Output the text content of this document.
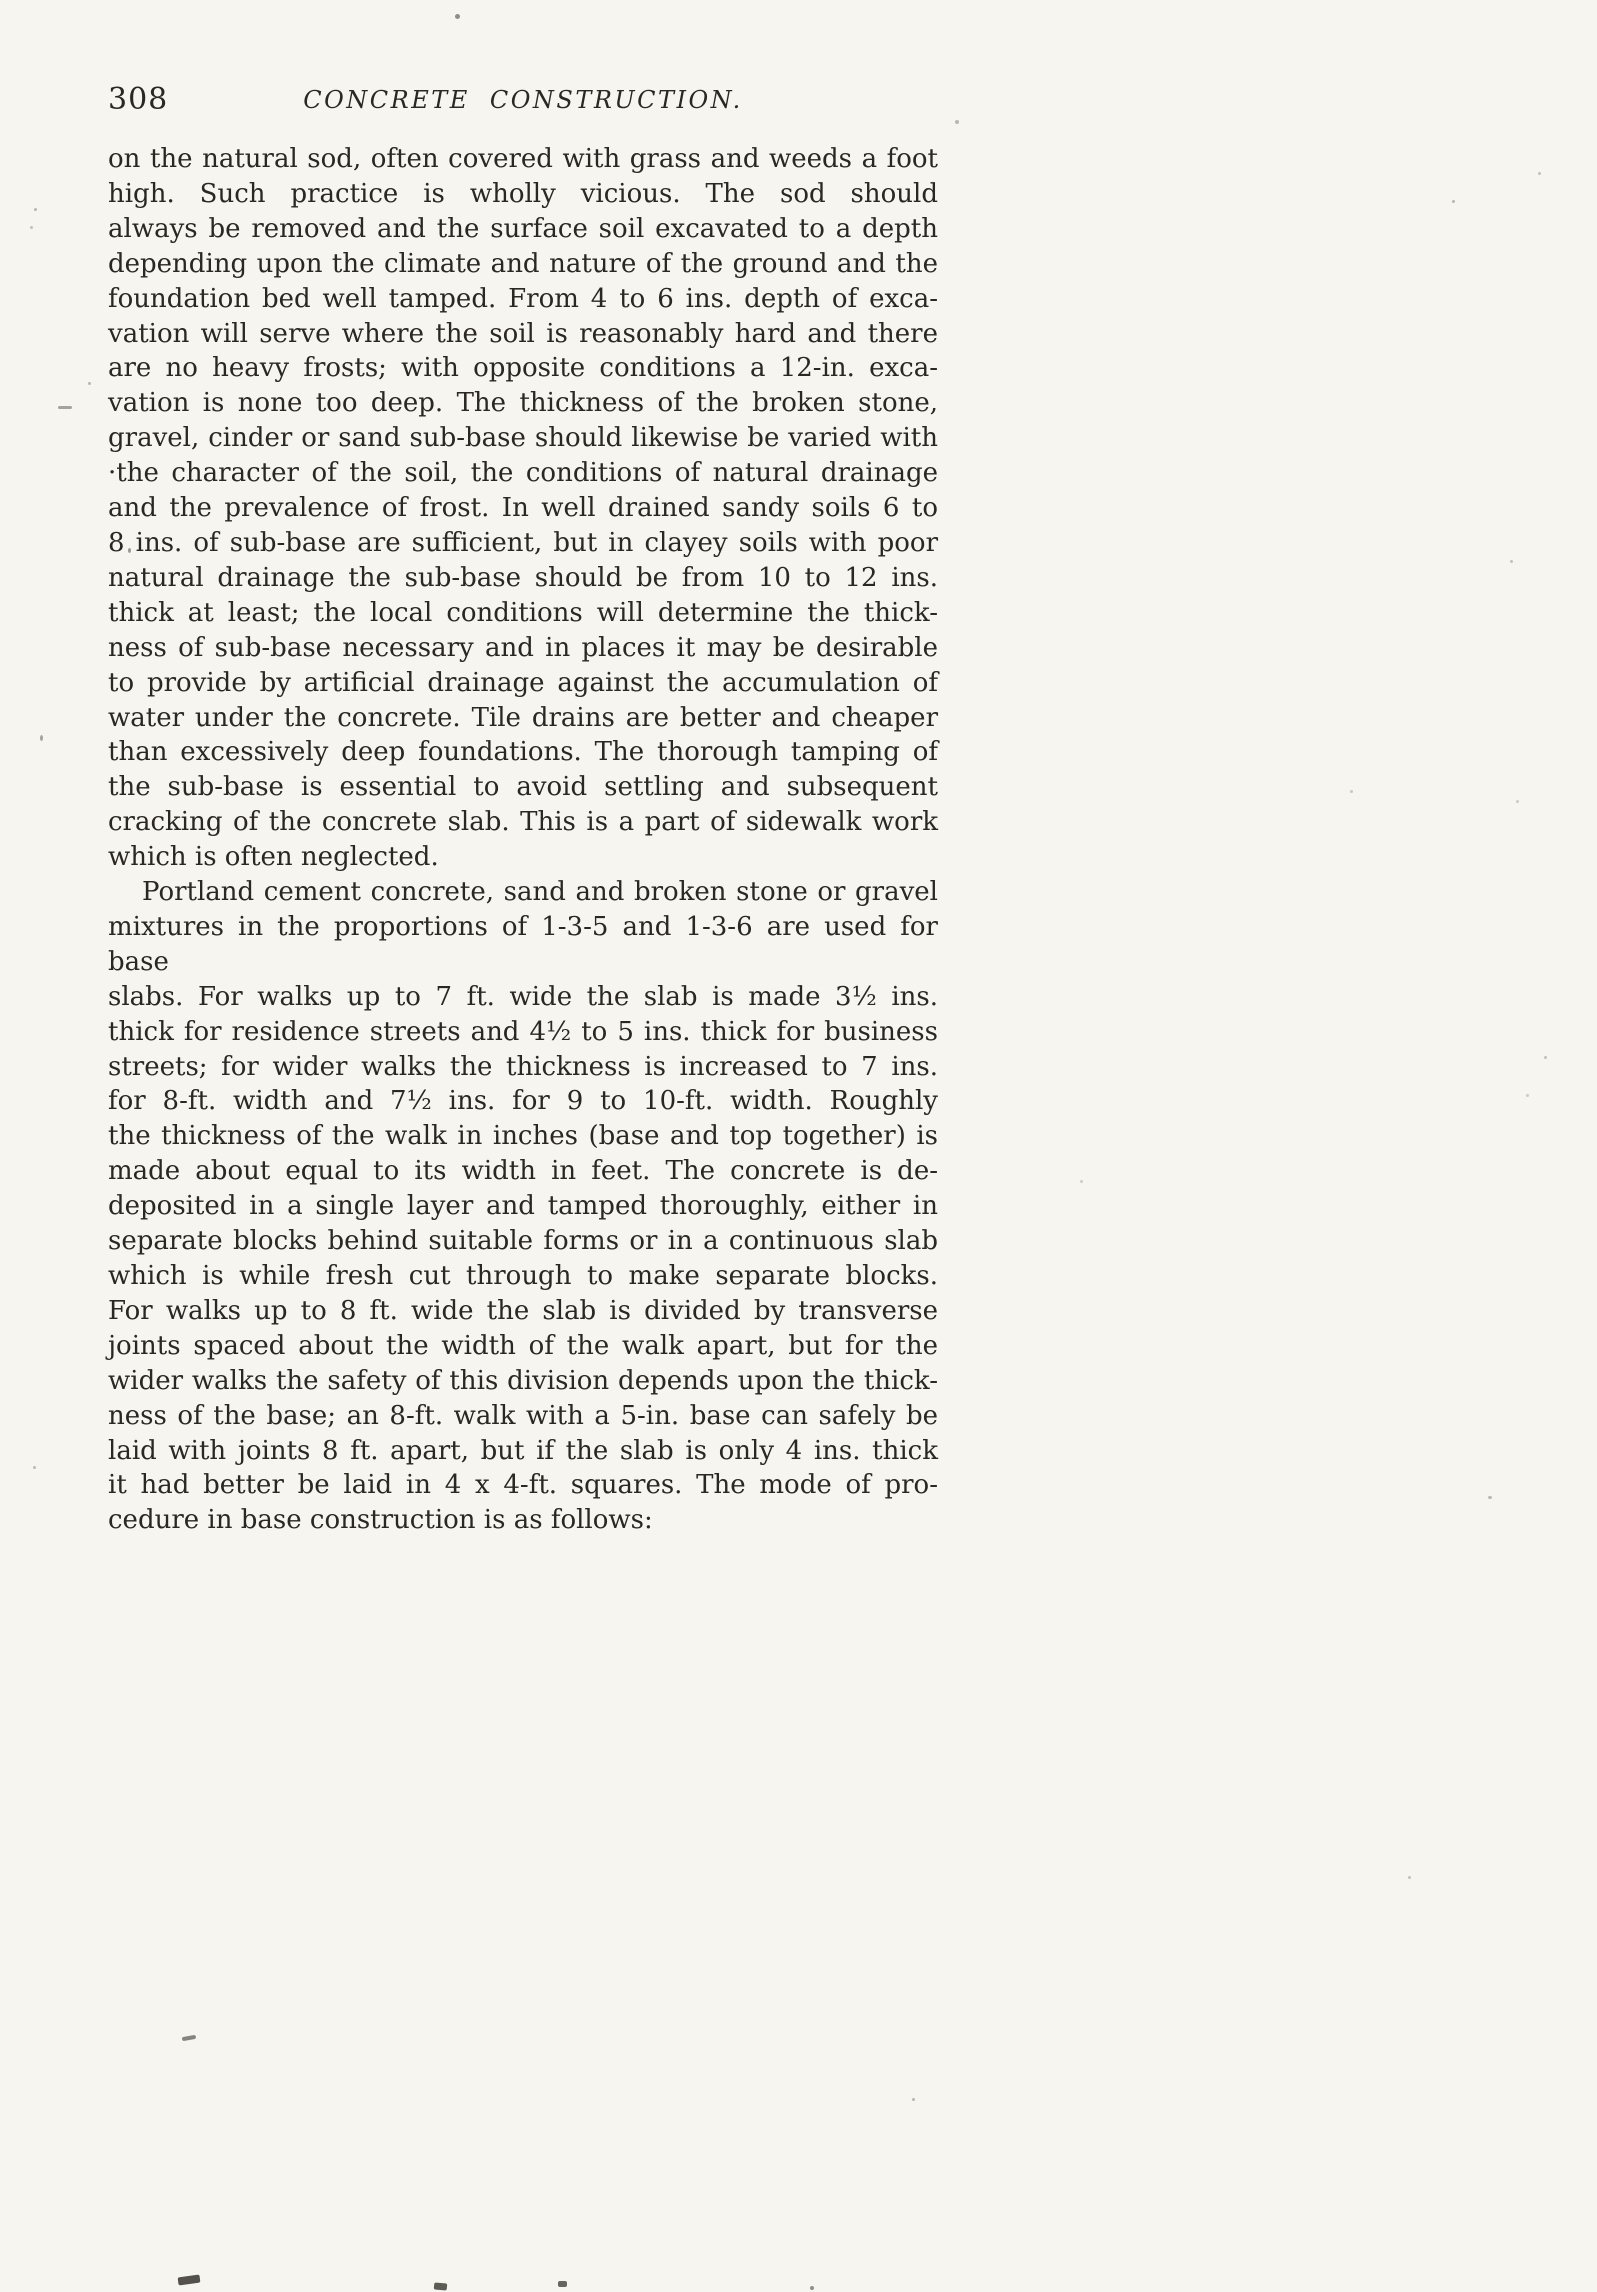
308	CONCRETE CONSTRUCTION.
on the natural sod, often covered with grass and weeds a foot
high. Such practice is wholly vicious. The sod should
always be removed and the surface soil excavated to a depth
depending upon the climate and nature of the ground and the
foundation bed well tamped. From 4 to 6 ins. depth of exca-
vation will serve where the soil is reasonably hard and there
are no heavy frosts; with opposite conditions a 12-in. exca-
vation is none too deep. The thickness of the broken stone,
gravel, cinder or sand sub-base should likewise be varied with
·the character of the soil, the conditions of natural drainage
and the prevalence of frost. In well drained sandy soils 6 to
8 ins. of sub-base are sufficient, but in clayey soils with poor
natural drainage the sub-base should be from 10 to 12 ins.
thick at least; the local conditions will determine the thick-
ness of sub-base necessary and in places it may be desirable
to provide by artificial drainage against the accumulation of
water under the concrete. Tile drains are better and cheaper
than excessively deep foundations. The thorough tamping of
the sub-base is essential to avoid settling and subsequent
cracking of the concrete slab. This is a part of sidewalk work
which is often neglected.
Portland cement concrete, sand and broken stone or gravel
mixtures in the proportions of 1-3-5 and 1-3-6 are used for base
slabs. For walks up to 7 ft. wide the slab is made 3½ ins.
thick for residence streets and 4½ to 5 ins. thick for business
streets; for wider walks the thickness is increased to 7 ins.
for 8-ft. width and 7½ ins. for 9 to 10-ft. width. Roughly
the thickness of the walk in inches (base and top together) is
made about equal to its width in feet. The concrete is de-
deposited in a single layer and tamped thoroughly, either in
separate blocks behind suitable forms or in a continuous slab
which is while fresh cut through to make separate blocks.
For walks up to 8 ft. wide the slab is divided by transverse
joints spaced about the width of the walk apart, but for the
wider walks the safety of this division depends upon the thick-
ness of the base; an 8-ft. walk with a 5-in. base can safely be
laid with joints 8 ft. apart, but if the slab is only 4 ins. thick
it had better be laid in 4 x 4-ft. squares. The mode of pro-
cedure in base construction is as follows:
